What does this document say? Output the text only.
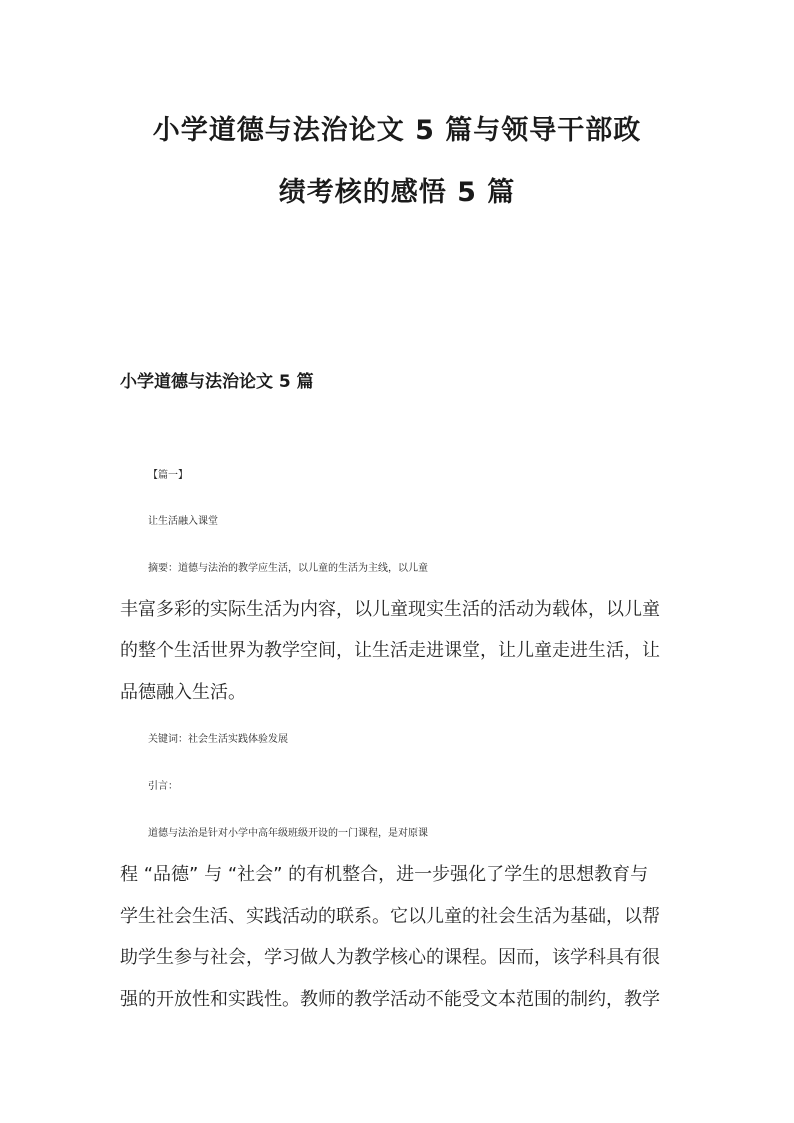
小学道德与法治论文 5 篇与领导干部政
绩考核的感悟 5 篇
小学道德与法治论文 5 篇
【篇一】
让生活融入课堂
摘要：道德与法治的教学应生活，以儿童的生活为主线，以儿童
丰富多彩的实际生活为内容，以儿童现实生活的活动为载体，以儿童
的整个生活世界为教学空间，让生活走进课堂，让儿童走进生活，让
品德融入生活。
关键词：社会生活实践体验发展
引言：
道德与法治是针对小学中高年级班级开设的一门课程，是对原课
程 “品德” 与 “社会” 的有机整合，进一步强化了学生的思想教育与
学生社会生活、实践活动的联系。它以儿童的社会生活为基础，以帮
助学生参与社会，学习做人为教学核心的课程。因而，该学科具有很
强的开放性和实践性。教师的教学活动不能受文本范围的制约，教学
